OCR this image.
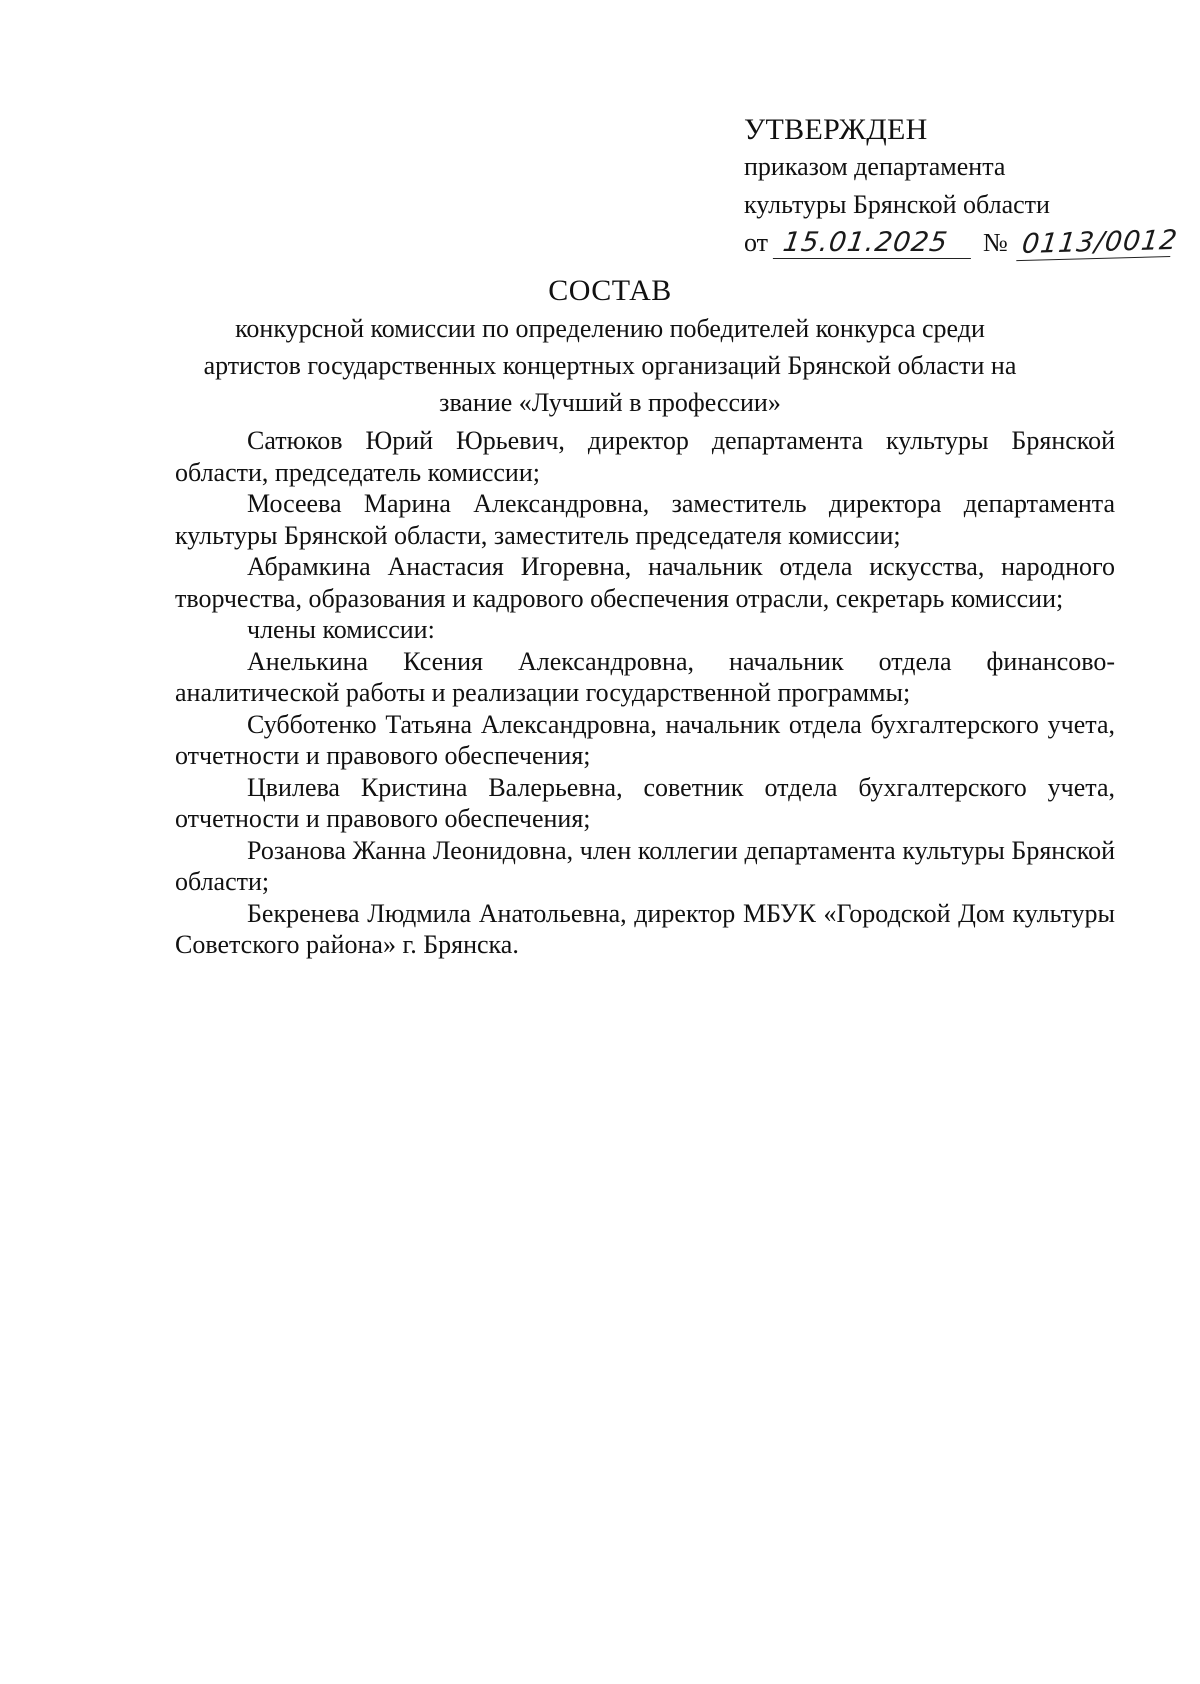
УТВЕРЖДЕН
приказом департамента
культуры Брянской области
от 15.01.2025 № 0113/0012
СОСТАВ
конкурсной комиссии по определению победителей конкурса среди
артистов государственных концертных организаций Брянской области на
звание «Лучший в профессии»

Сатюков Юрий Юрьевич, директор департамента культуры Брянской области, председатель комиссии;

Мосеева Марина Александровна, заместитель директора департамента культуры Брянской области, заместитель председателя комиссии;

Абрамкина Анастасия Игоревна, начальник отдела искусства, народного творчества, образования и кадрового обеспечения отрасли, секретарь комиссии;

члены комиссии:

Анелькина Ксения Александровна, начальник отдела финансово-аналитической работы и реализации государственной программы;

Субботенко Татьяна Александровна, начальник отдела бухгалтерского учета, отчетности и правового обеспечения;

Цвилева Кристина Валерьевна, советник отдела бухгалтерского учета, отчетности и правового обеспечения;

Розанова Жанна Леонидовна, член коллегии департамента культуры Брянской области;

Бекренева Людмила Анатольевна, директор МБУК «Городской Дом культуры Советского района» г. Брянска.
